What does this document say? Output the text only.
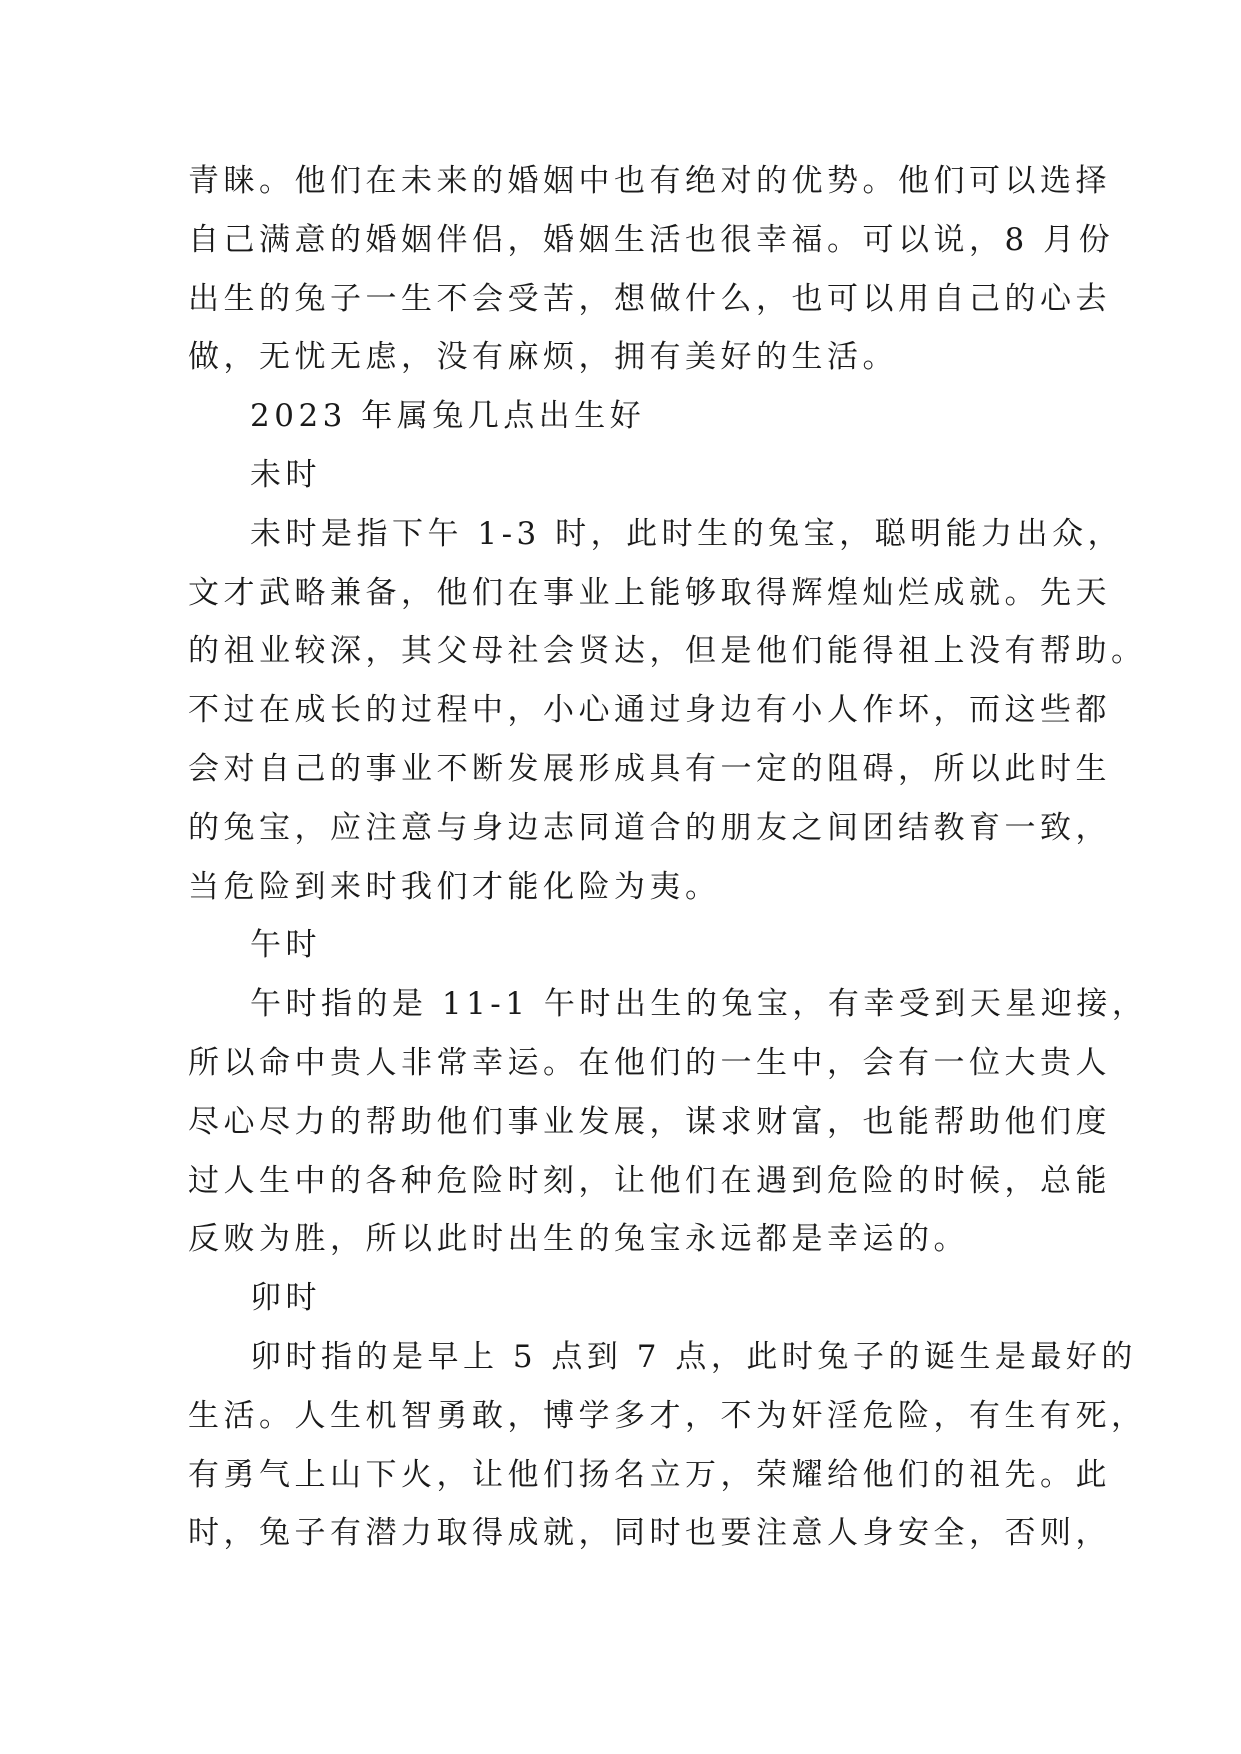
青睐。他们在未来的婚姻中也有绝对的优势。他们可以选择
自己满意的婚姻伴侣，婚姻生活也很幸福。可以说，8 月份
出生的兔子一生不会受苦，想做什么，也可以用自己的心去
做，无忧无虑，没有麻烦，拥有美好的生活。

2023 年属兔几点出生好

未时

未时是指下午 1-3 时，此时生的兔宝，聪明能力出众，
文才武略兼备，他们在事业上能够取得辉煌灿烂成就。先天
的祖业较深，其父母社会贤达，但是他们能得祖上没有帮助。
不过在成长的过程中，小心通过身边有小人作坏，而这些都
会对自己的事业不断发展形成具有一定的阻碍，所以此时生
的兔宝，应注意与身边志同道合的朋友之间团结教育一致，
当危险到来时我们才能化险为夷。

午时

午时指的是 11-1 午时出生的兔宝，有幸受到天星迎接，
所以命中贵人非常幸运。在他们的一生中，会有一位大贵人
尽心尽力的帮助他们事业发展，谋求财富，也能帮助他们度
过人生中的各种危险时刻，让他们在遇到危险的时候，总能
反败为胜，所以此时出生的兔宝永远都是幸运的。

卯时

卯时指的是早上 5 点到 7 点，此时兔子的诞生是最好的
生活。人生机智勇敢，博学多才，不为奸淫危险，有生有死，
有勇气上山下火，让他们扬名立万，荣耀给他们的祖先。此
时，兔子有潜力取得成就，同时也要注意人身安全，否则，
